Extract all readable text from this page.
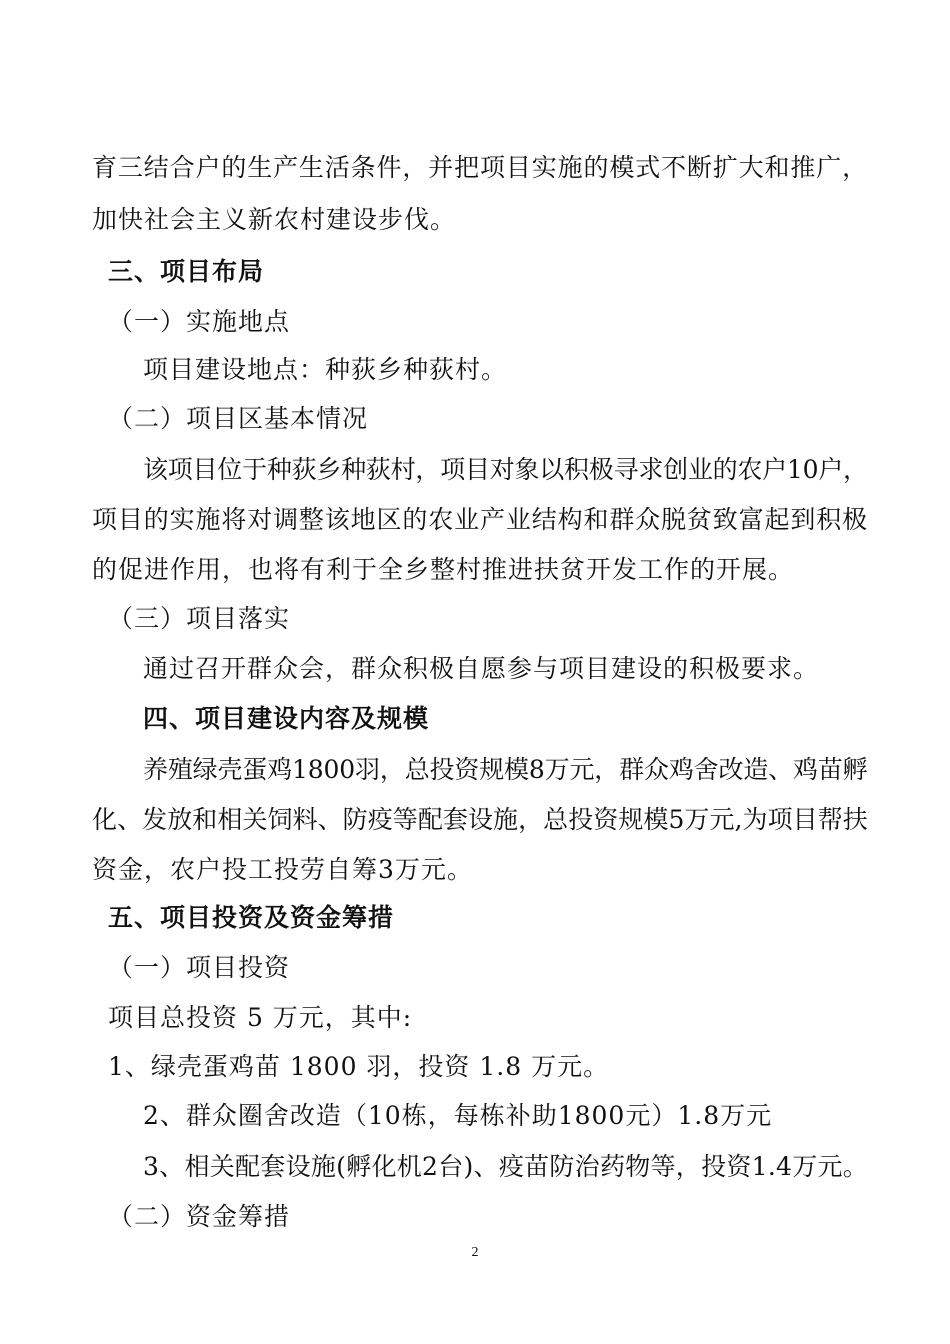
育三结合户的生产生活条件，并把项目实施的模式不断扩大和推广，
加快社会主义新农村建设步伐。
三、项目布局
（一）实施地点
项目建设地点：种荻乡种荻村。
（二）项目区基本情况
该项目位于种荻乡种荻村，项目对象以积极寻求创业的农户10户，
项目的实施将对调整该地区的农业产业结构和群众脱贫致富起到积极
的促进作用，也将有利于全乡整村推进扶贫开发工作的开展。
（三）项目落实
通过召开群众会，群众积极自愿参与项目建设的积极要求。
四、项目建设内容及规模
养殖绿壳蛋鸡1800羽，总投资规模8万元，群众鸡舍改造、鸡苗孵
化、发放和相关饲料、防疫等配套设施，总投资规模5万元,为项目帮扶
资金，农户投工投劳自筹3万元。
五、项目投资及资金筹措
（一）项目投资
项目总投资 5 万元，其中:
1、绿壳蛋鸡苗 1800 羽，投资 1.8 万元。
2、群众圈舍改造（10栋，每栋补助1800元）1.8万元
3、相关配套设施(孵化机2台)、疫苗防治药物等，投资1.4万元。
（二）资金筹措
2
